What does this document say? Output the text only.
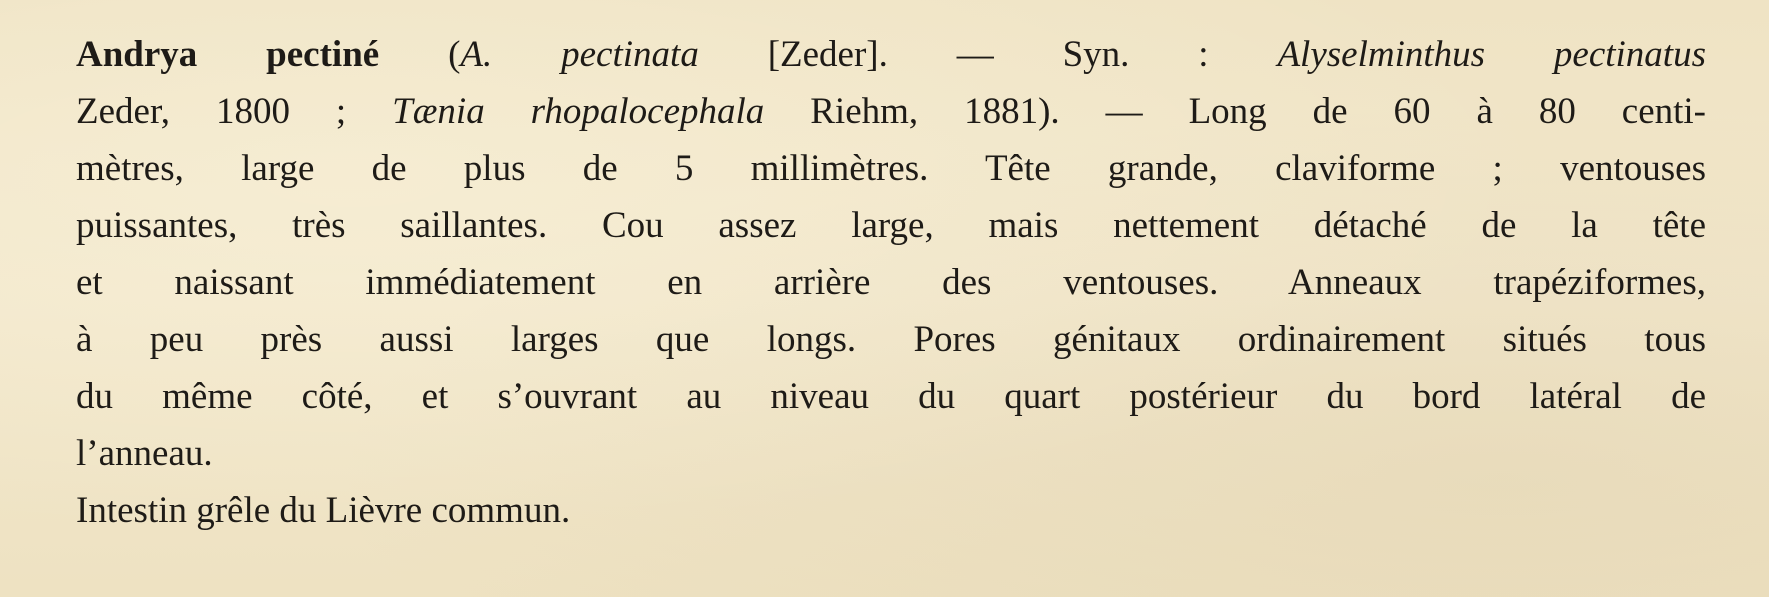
Andrya pectiné (A. pectinata [Zeder]. — Syn. : Alyselminthus pectinatus
Zeder, 1800 ; Tænia rhopalocephala Riehm, 1881). — Long de 60 à 80 centi-
mètres, large de plus de 5 millimètres. Tête grande, claviforme ; ventouses
puissantes, très saillantes. Cou assez large, mais nettement détaché de la tête
et naissant immédiatement en arrière des ventouses. Anneaux trapéziformes,
à peu près aussi larges que longs. Pores génitaux ordinairement situés tous
du même côté, et s’ouvrant au niveau du quart postérieur du bord latéral de
l’anneau.
Intestin grêle du Lièvre commun.
